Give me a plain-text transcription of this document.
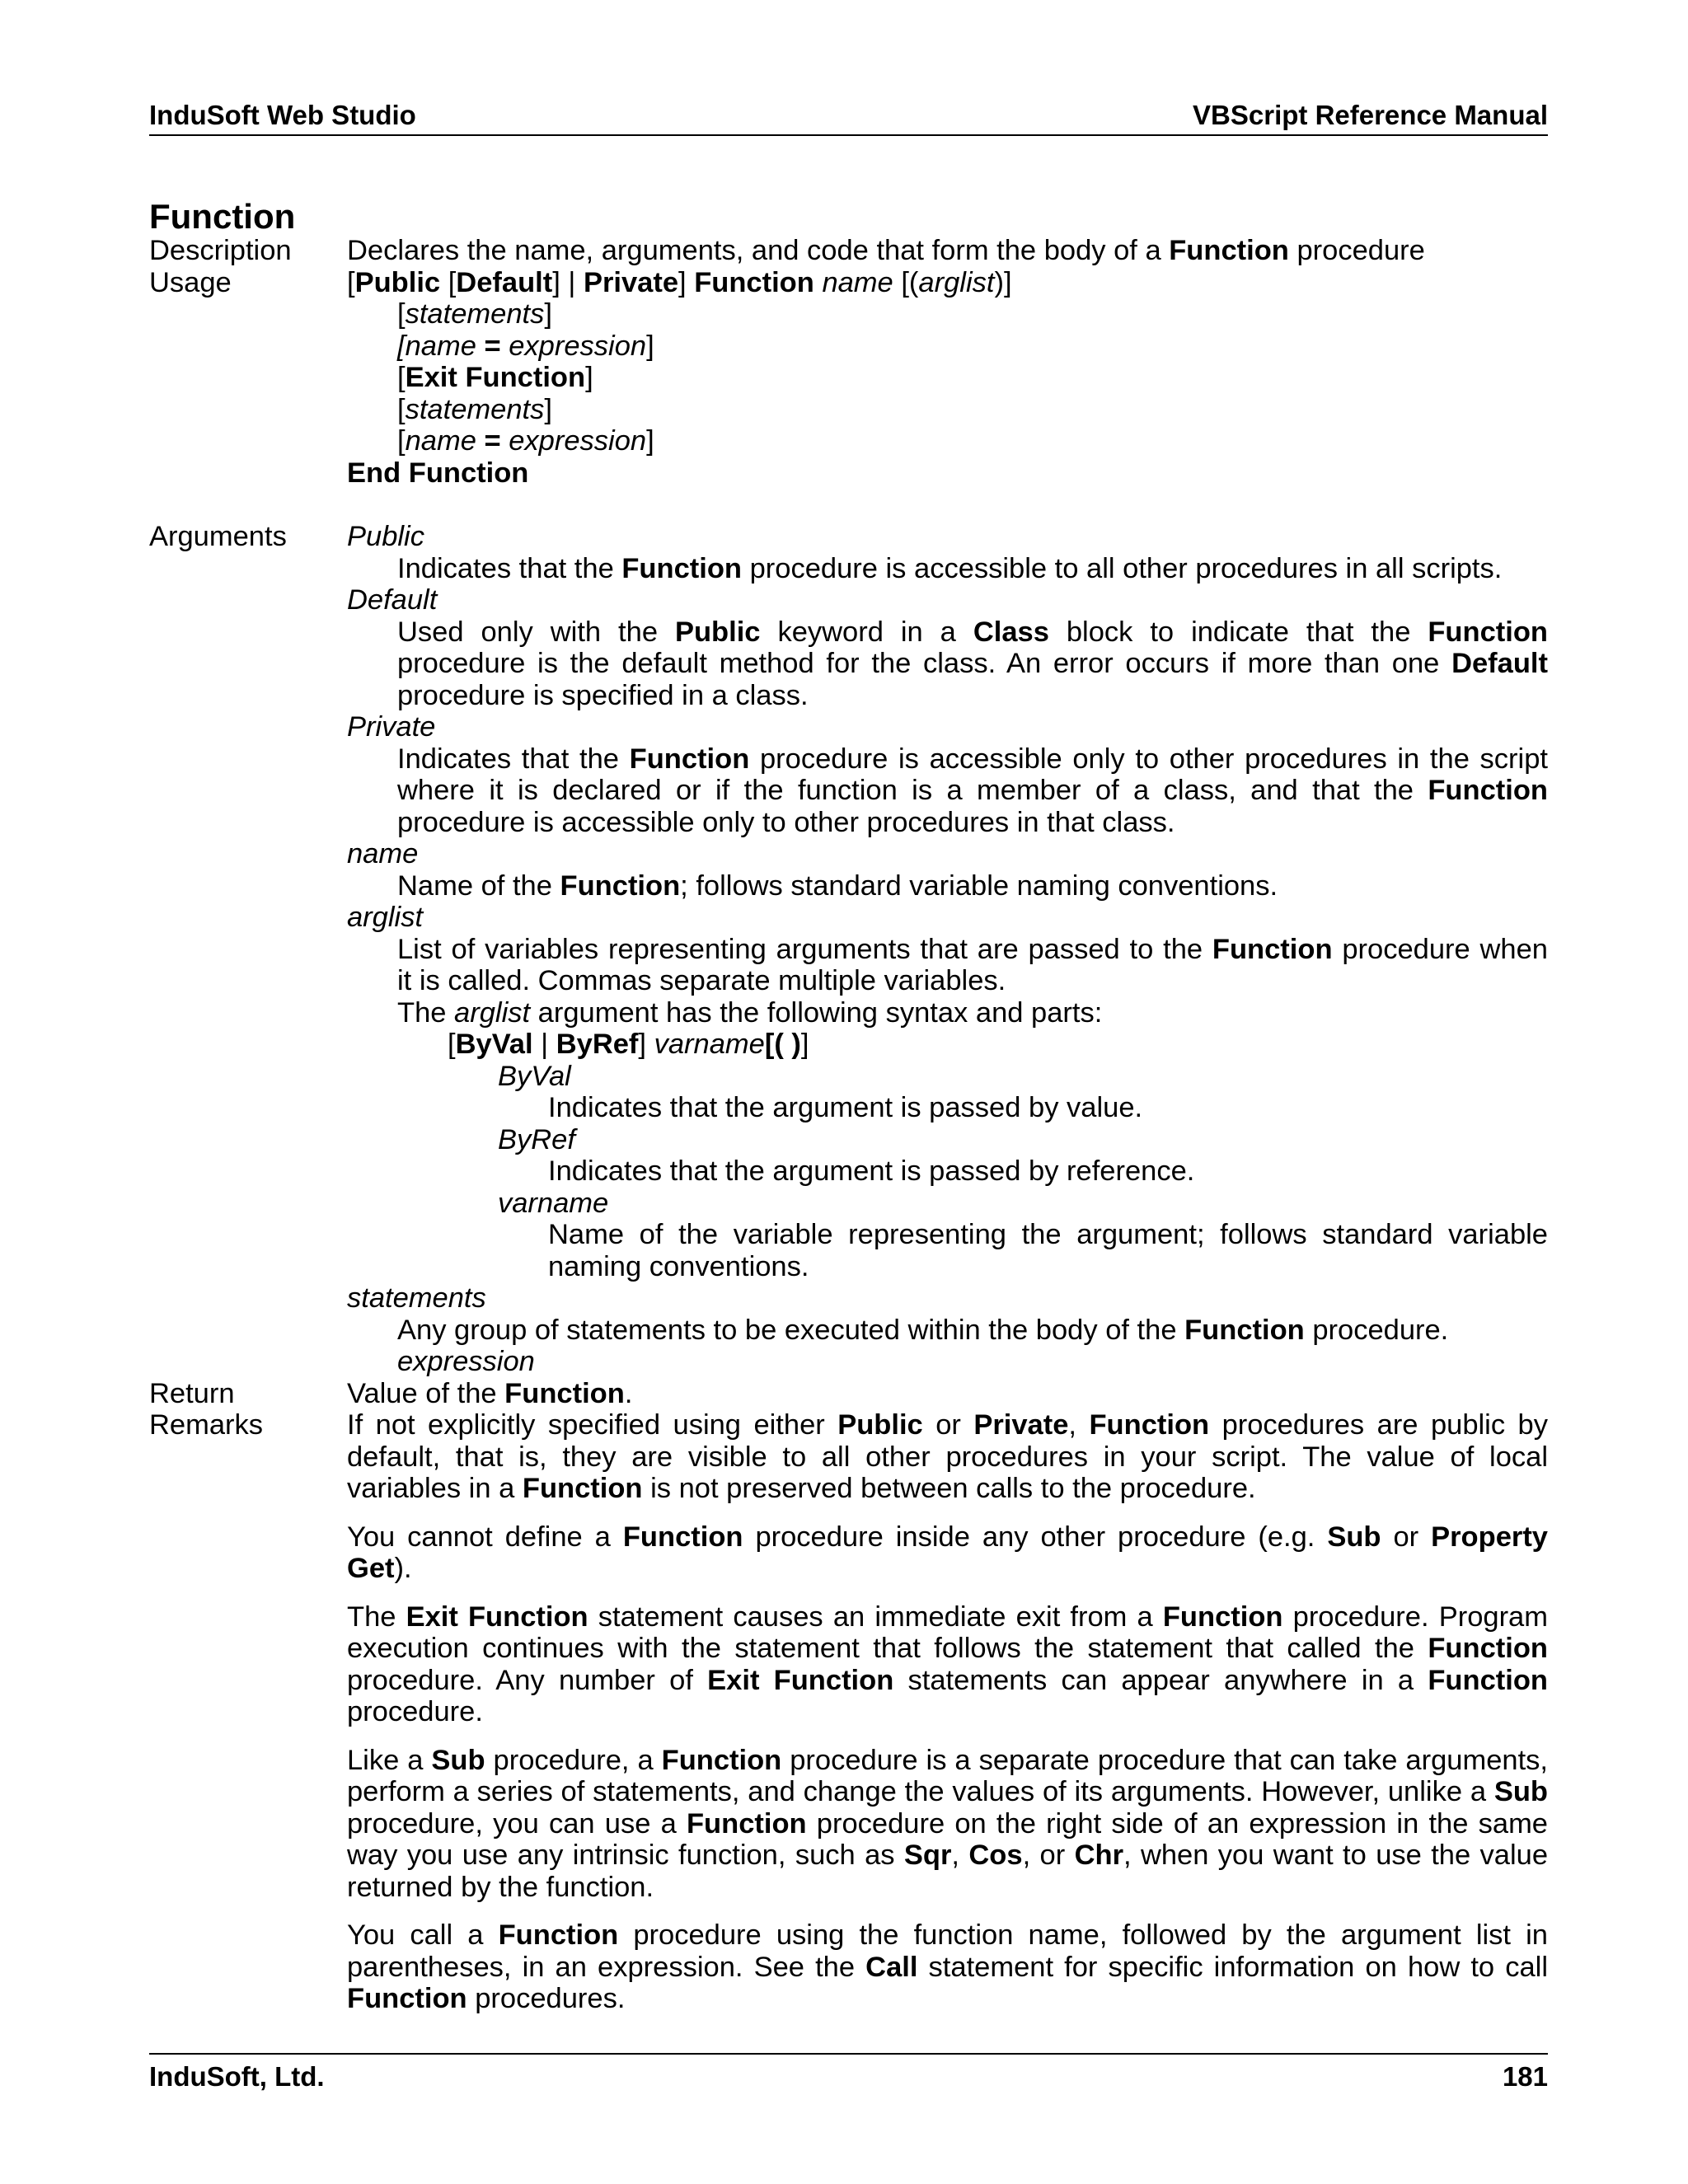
InduSoft Web Studio	VBScript Reference Manual
Function
Description	Declares the name, arguments, and code that form the body of a Function procedure
Usage	[Public [Default] | Private] Function name [(arglist)]

[statements]

[name = expression]

[Exit Function]

[statements]

[name = expression]

End Function

Arguments	Public

Indicates that the Function procedure is accessible to all other procedures in all scripts.

Default

Used only with the Public keyword in a Class block to indicate that the Function procedure is the default method for the class. An error occurs if more than one Default procedure is specified in a class.

Private

Indicates that the Function procedure is accessible only to other procedures in the script where it is declared or if the function is a member of a class, and that the Function procedure is accessible only to other procedures in that class.

name

Name of the Function; follows standard variable naming conventions.

arglist

List of variables representing arguments that are passed to the Function procedure when it is called. Commas separate multiple variables.

The arglist argument has the following syntax and parts:

[ByVal | ByRef] varname[( )]

ByVal

Indicates that the argument is passed by value.

ByRef

Indicates that the argument is passed by reference.

varname

Name of the variable representing the argument; follows standard variable naming conventions.

statements

Any group of statements to be executed within the body of the Function procedure.

expression

Return	Value of the Function.
Remarks	If not explicitly specified using either Public or Private, Function procedures are public by default, that is, they are visible to all other procedures in your script. The value of local variables in a Function is not preserved between calls to the procedure.

You cannot define a Function procedure inside any other procedure (e.g. Sub or Property Get).

The Exit Function statement causes an immediate exit from a Function procedure. Program execution continues with the statement that follows the statement that called the Function procedure. Any number of Exit Function statements can appear anywhere in a Function procedure.

Like a Sub procedure, a Function procedure is a separate procedure that can take arguments, perform a series of statements, and change the values of its arguments. However, unlike a Sub procedure, you can use a Function procedure on the right side of an expression in the same way you use any intrinsic function, such as Sqr, Cos, or Chr, when you want to use the value returned by the function.

You call a Function procedure using the function name, followed by the argument list in parentheses, in an expression. See the Call statement for specific information on how to call Function procedures.

InduSoft, Ltd.	181
